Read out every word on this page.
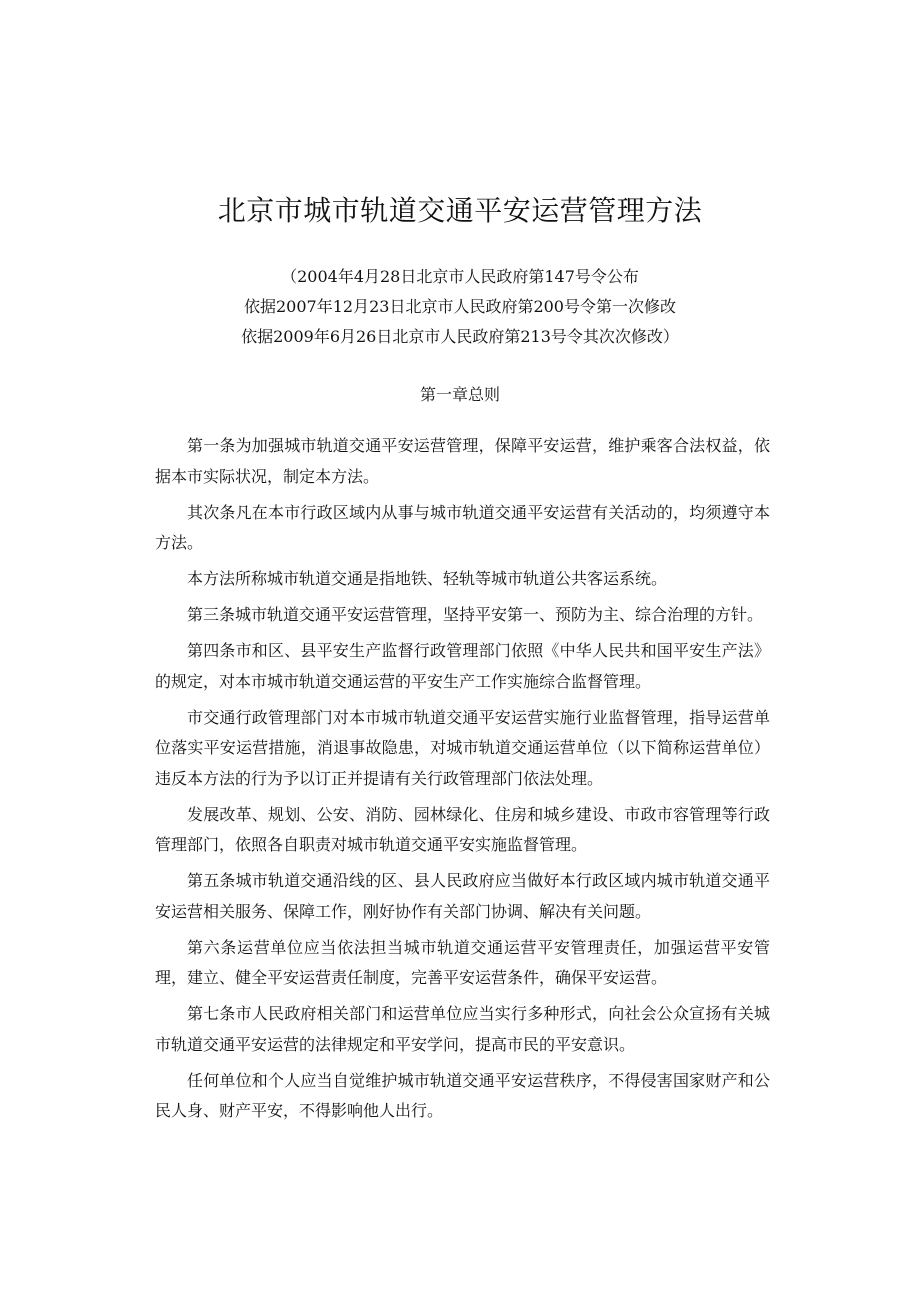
北京市城市轨道交通平安运营管理方法
（2004年4月28日北京市人民政府第147号令公布
依据2007年12月23日北京市人民政府第200号令第一次修改
依据2009年6月26日北京市人民政府第213号令其次次修改）
第一章总则

第一条为加强城市轨道交通平安运营管理，保障平安运营，维护乘客合法权益，依据本市实际状况，制定本方法。

其次条凡在本市行政区域内从事与城市轨道交通平安运营有关活动的，均须遵守本方法。

本方法所称城市轨道交通是指地铁、轻轨等城市轨道公共客运系统。

第三条城市轨道交通平安运营管理，坚持平安第一、预防为主、综合治理的方针。

第四条市和区、县平安生产监督行政管理部门依照《中华人民共和国平安生产法》的规定，对本市城市轨道交通运营的平安生产工作实施综合监督管理。

市交通行政管理部门对本市城市轨道交通平安运营实施行业监督管理，指导运营单位落实平安运营措施，消退事故隐患，对城市轨道交通运营单位（以下简称运营单位）违反本方法的行为予以订正并提请有关行政管理部门依法处理。

发展改革、规划、公安、消防、园林绿化、住房和城乡建设、市政市容管理等行政管理部门，依照各自职责对城市轨道交通平安实施监督管理。

第五条城市轨道交通沿线的区、县人民政府应当做好本行政区域内城市轨道交通平安运营相关服务、保障工作，刚好协作有关部门协调、解决有关问题。

第六条运营单位应当依法担当城市轨道交通运营平安管理责任，加强运营平安管理，建立、健全平安运营责任制度，完善平安运营条件，确保平安运营。

第七条市人民政府相关部门和运营单位应当实行多种形式，向社会公众宣扬有关城市轨道交通平安运营的法律规定和平安学问，提高市民的平安意识。

任何单位和个人应当自觉维护城市轨道交通平安运营秩序，不得侵害国家财产和公民人身、财产平安，不得影响他人出行。
